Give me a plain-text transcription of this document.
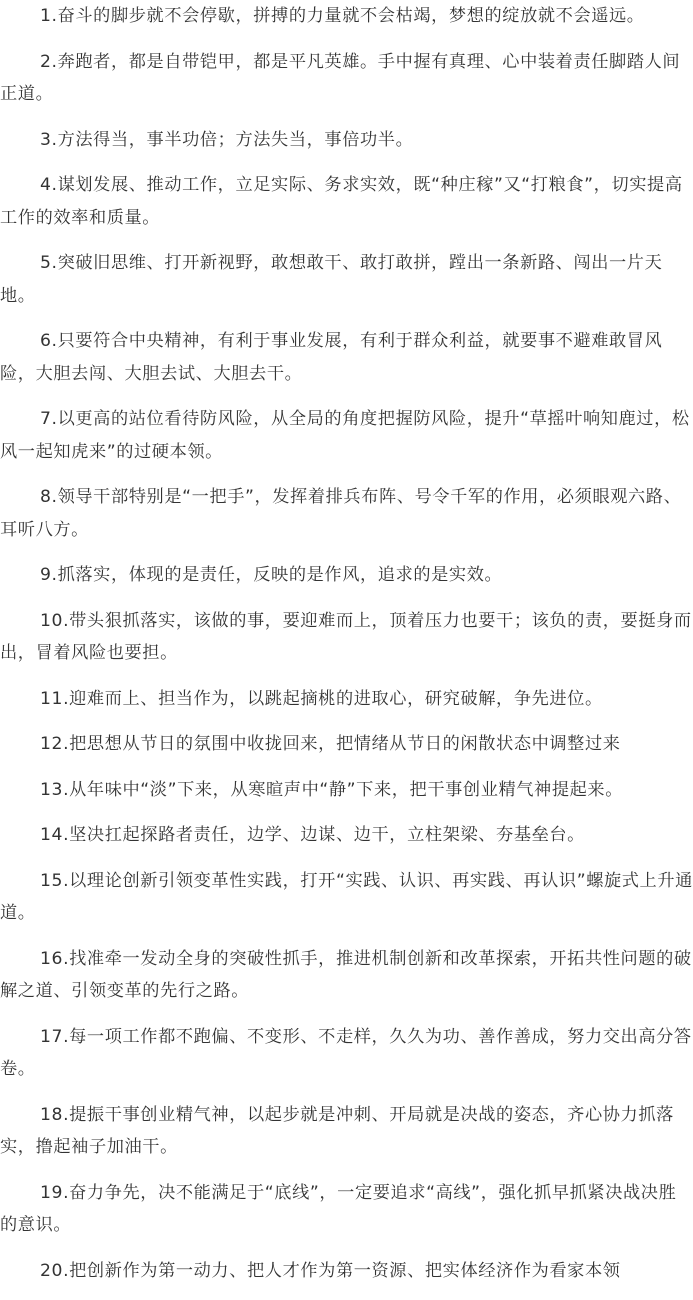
1.奋斗的脚步就不会停歇，拼搏的力量就不会枯竭，梦想的绽放就不会遥远。

2.奔跑者，都是自带铠甲，都是平凡英雄。手中握有真理、心中装着责任脚踏人间正道。

3.方法得当，事半功倍；方法失当，事倍功半。

4.谋划发展、推动工作，立足实际、务求实效，既“种庄稼”又“打粮食”，切实提高工作的效率和质量。

5.突破旧思维、打开新视野，敢想敢干、敢打敢拼，蹚出一条新路、闯出一片天地。

6.只要符合中央精神，有利于事业发展，有利于群众利益，就要事不避难敢冒风险，大胆去闯、大胆去试、大胆去干。

7.以更高的站位看待防风险，从全局的角度把握防风险，提升“草摇叶响知鹿过，松风一起知虎来”的过硬本领。

8.领导干部特别是“一把手”，发挥着排兵布阵、号令千军的作用，必须眼观六路、耳听八方。

9.抓落实，体现的是责任，反映的是作风，追求的是实效。

10.带头狠抓落实，该做的事，要迎难而上，顶着压力也要干；该负的责，要挺身而出，冒着风险也要担。

11.迎难而上、担当作为，以跳起摘桃的进取心，研究破解，争先进位。

12.把思想从节日的氛围中收拢回来，把情绪从节日的闲散状态中调整过来

13.从年味中“淡”下来，从寒暄声中“静”下来，把干事创业精气神提起来。

14.坚决扛起探路者责任，边学、边谋、边干，立柱架梁、夯基垒台。

15.以理论创新引领变革性实践，打开“实践、认识、再实践、再认识”螺旋式上升通道。

16.找准牵一发动全身的突破性抓手，推进机制创新和改革探索，开拓共性问题的破解之道、引领变革的先行之路。

17.每一项工作都不跑偏、不变形、不走样，久久为功、善作善成，努力交出高分答卷。

18.提振干事创业精气神，以起步就是冲刺、开局就是决战的姿态，齐心协力抓落实，撸起袖子加油干。

19.奋力争先，决不能满足于“底线”，一定要追求“高线”，强化抓早抓紧决战决胜的意识。

20.把创新作为第一动力、把人才作为第一资源、把实体经济作为看家本领
